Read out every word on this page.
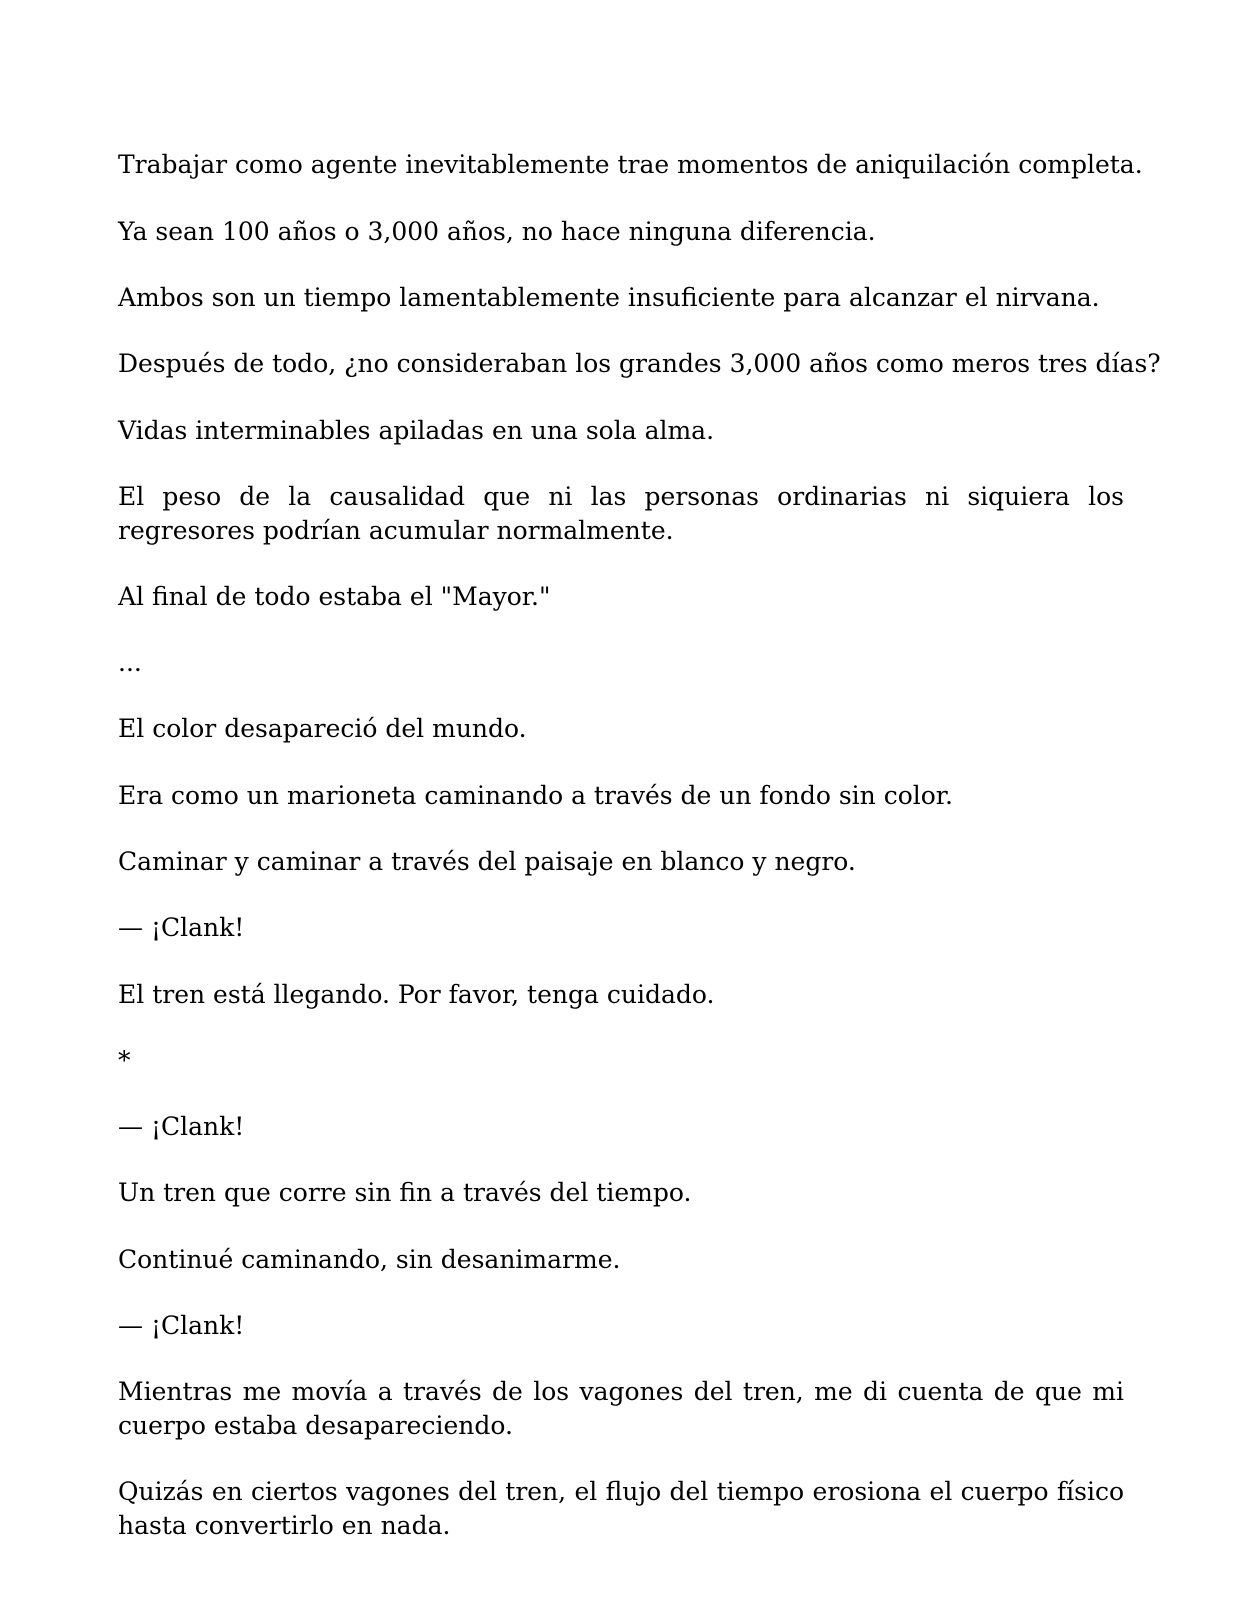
Trabajar como agente inevitablemente trae momentos de aniquilación completa.

Ya sean 100 años o 3,000 años, no hace ninguna diferencia.

Ambos son un tiempo lamentablemente insuficiente para alcanzar el nirvana.

Después de todo, ¿no consideraban los grandes 3,000 años como meros tres días?

Vidas interminables apiladas en una sola alma.

El peso de la causalidad que ni las personas ordinarias ni siquiera los regresores podrían acumular normalmente.

Al final de todo estaba el "Mayor."

...

El color desapareció del mundo.

Era como un marioneta caminando a través de un fondo sin color.

Caminar y caminar a través del paisaje en blanco y negro.

— ¡Clank!

El tren está llegando. Por favor, tenga cuidado.

*

— ¡Clank!

Un tren que corre sin fin a través del tiempo.

Continué caminando, sin desanimarme.

— ¡Clank!

Mientras me movía a través de los vagones del tren, me di cuenta de que mi cuerpo estaba desapareciendo.

Quizás en ciertos vagones del tren, el flujo del tiempo erosiona el cuerpo físico hasta convertirlo en nada.
